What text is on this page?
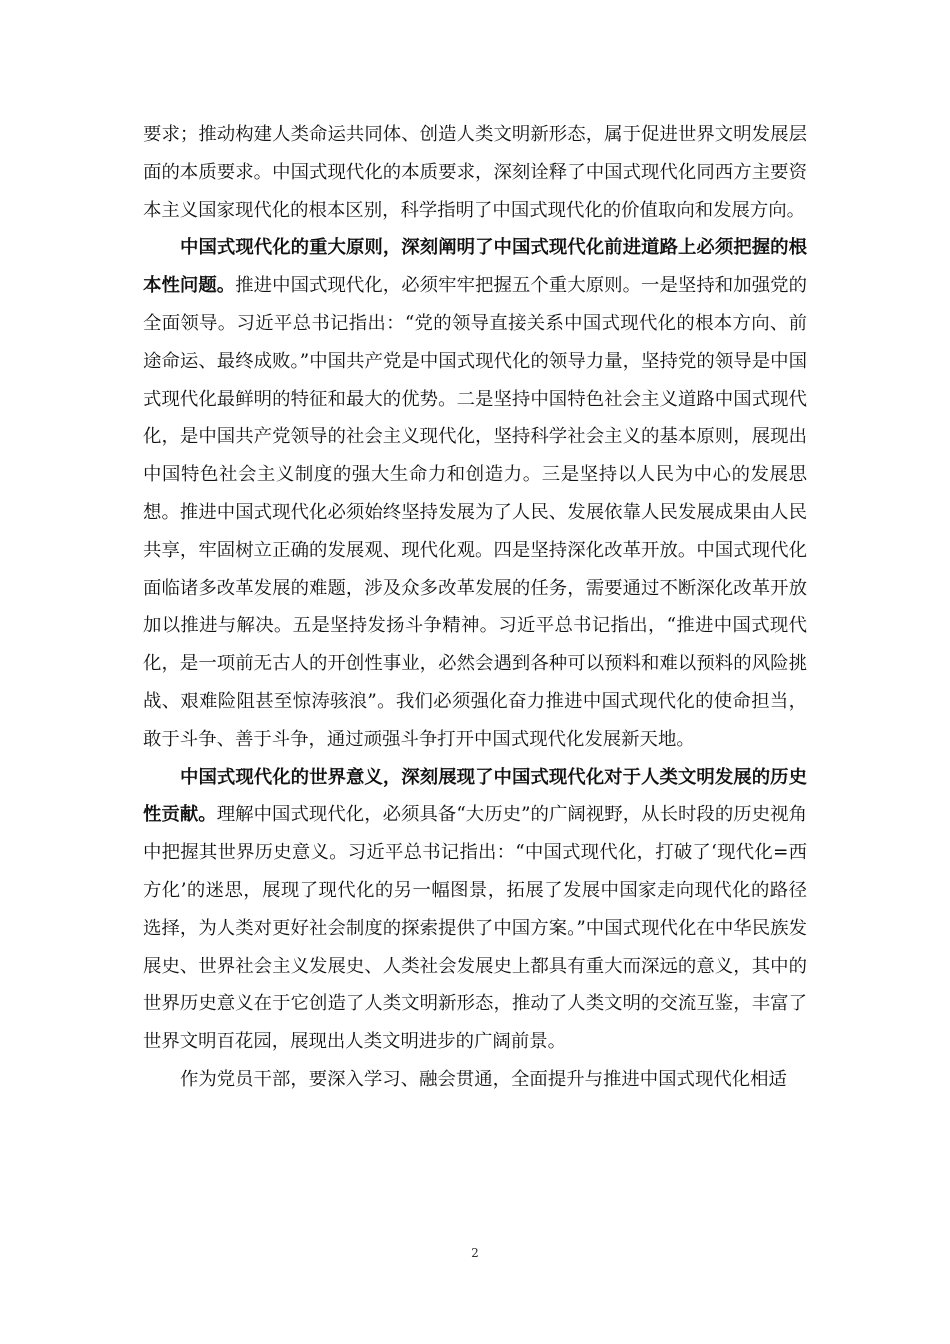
要求；推动构建人类命运共同体、创造人类文明新形态，属于促进世界文明发展层面的本质要求。中国式现代化的本质要求，深刻诠释了中国式现代化同西方主要资本主义国家现代化的根本区别，科学指明了中国式现代化的价值取向和发展方向。

中国式现代化的重大原则，深刻阐明了中国式现代化前进道路上必须把握的根本性问题。推进中国式现代化，必须牢牢把握五个重大原则。一是坚持和加强党的全面领导。习近平总书记指出：“党的领导直接关系中国式现代化的根本方向、前途命运、最终成败。”中国共产党是中国式现代化的领导力量，坚持党的领导是中国式现代化最鲜明的特征和最大的优势。二是坚持中国特色社会主义道路中国式现代化，是中国共产党领导的社会主义现代化，坚持科学社会主义的基本原则，展现出中国特色社会主义制度的强大生命力和创造力。三是坚持以人民为中心的发展思想。推进中国式现代化必须始终坚持发展为了人民、发展依靠人民发展成果由人民共享，牢固树立正确的发展观、现代化观。四是坚持深化改革开放。中国式现代化面临诸多改革发展的难题，涉及众多改革发展的任务，需要通过不断深化改革开放加以推进与解决。五是坚持发扬斗争精神。习近平总书记指出，“推进中国式现代化，是一项前无古人的开创性事业，必然会遇到各种可以预料和难以预料的风险挑战、艰难险阻甚至惊涛骇浪”。我们必须强化奋力推进中国式现代化的使命担当，敢于斗争、善于斗争，通过顽强斗争打开中国式现代化发展新天地。

中国式现代化的世界意义，深刻展现了中国式现代化对于人类文明发展的历史性贡献。理解中国式现代化，必须具备“大历史”的广阔视野，从长时段的历史视角中把握其世界历史意义。习近平总书记指出：“中国式现代化，打破了‘现代化=西方化’的迷思，展现了现代化的另一幅图景，拓展了发展中国家走向现代化的路径选择，为人类对更好社会制度的探索提供了中国方案。”中国式现代化在中华民族发展史、世界社会主义发展史、人类社会发展史上都具有重大而深远的意义，其中的世界历史意义在于它创造了人类文明新形态，推动了人类文明的交流互鉴，丰富了世界文明百花园，展现出人类文明进步的广阔前景。

作为党员干部，要深入学习、融会贯通，全面提升与推进中国式现代化相适

2
